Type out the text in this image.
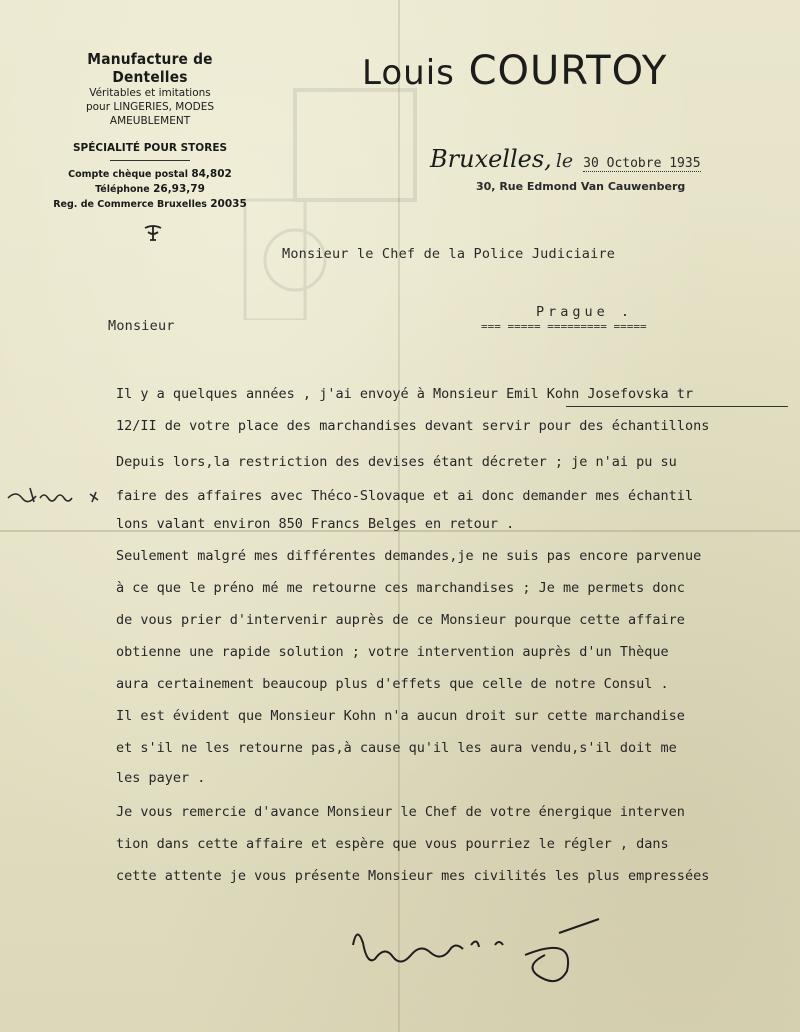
Manufacture de Dentelles
Véritables et imitations
pour LINGERIES, MODES
AMEUBLEMENT
SPÉCIALITÉ POUR STORES
Compte chèque postal 84,802
Téléphone 26,93,79
Reg. de Commerce Bruxelles 20035
Louis COURTOY
Bruxelles, le 30 Octobre 1935
30, Rue Edmond Van Cauwenberg
Monsieur le Chef de la Police Judiciaire
Prague .
=== ===== ========= =====
Monsieur
Il y a quelques années , j'ai envoyé à Monsieur Emil Kohn Josefovska tr
12/II de votre place des marchandises devant servir pour des échantillons
Depuis lors,la restriction des devises étant décreter ; je n'ai pu su
faire des affaires avec Théco-Slovaque et ai donc demander mes échantil
lons valant environ 850 Francs Belges en retour .
Seulement malgré mes différentes demandes,je ne suis pas encore parvenue
à ce que le préno mé me retourne ces marchandises ; Je me permets donc
de vous prier d'intervenir auprès de ce Monsieur pourque cette affaire
obtienne une rapide solution ; votre intervention auprès d'un Thèque
aura certainement beaucoup plus d'effets que celle de notre Consul .
Il est évident que Monsieur Kohn n'a aucun droit sur cette marchandise
et s'il ne les retourne pas,à cause qu'il les aura vendu,s'il doit me
les payer .
Je vous remercie d'avance Monsieur le Chef de votre énergique interven
tion dans cette affaire et espère que vous pourriez le régler , dans
cette attente je vous présente Monsieur mes civilités les plus empressées
